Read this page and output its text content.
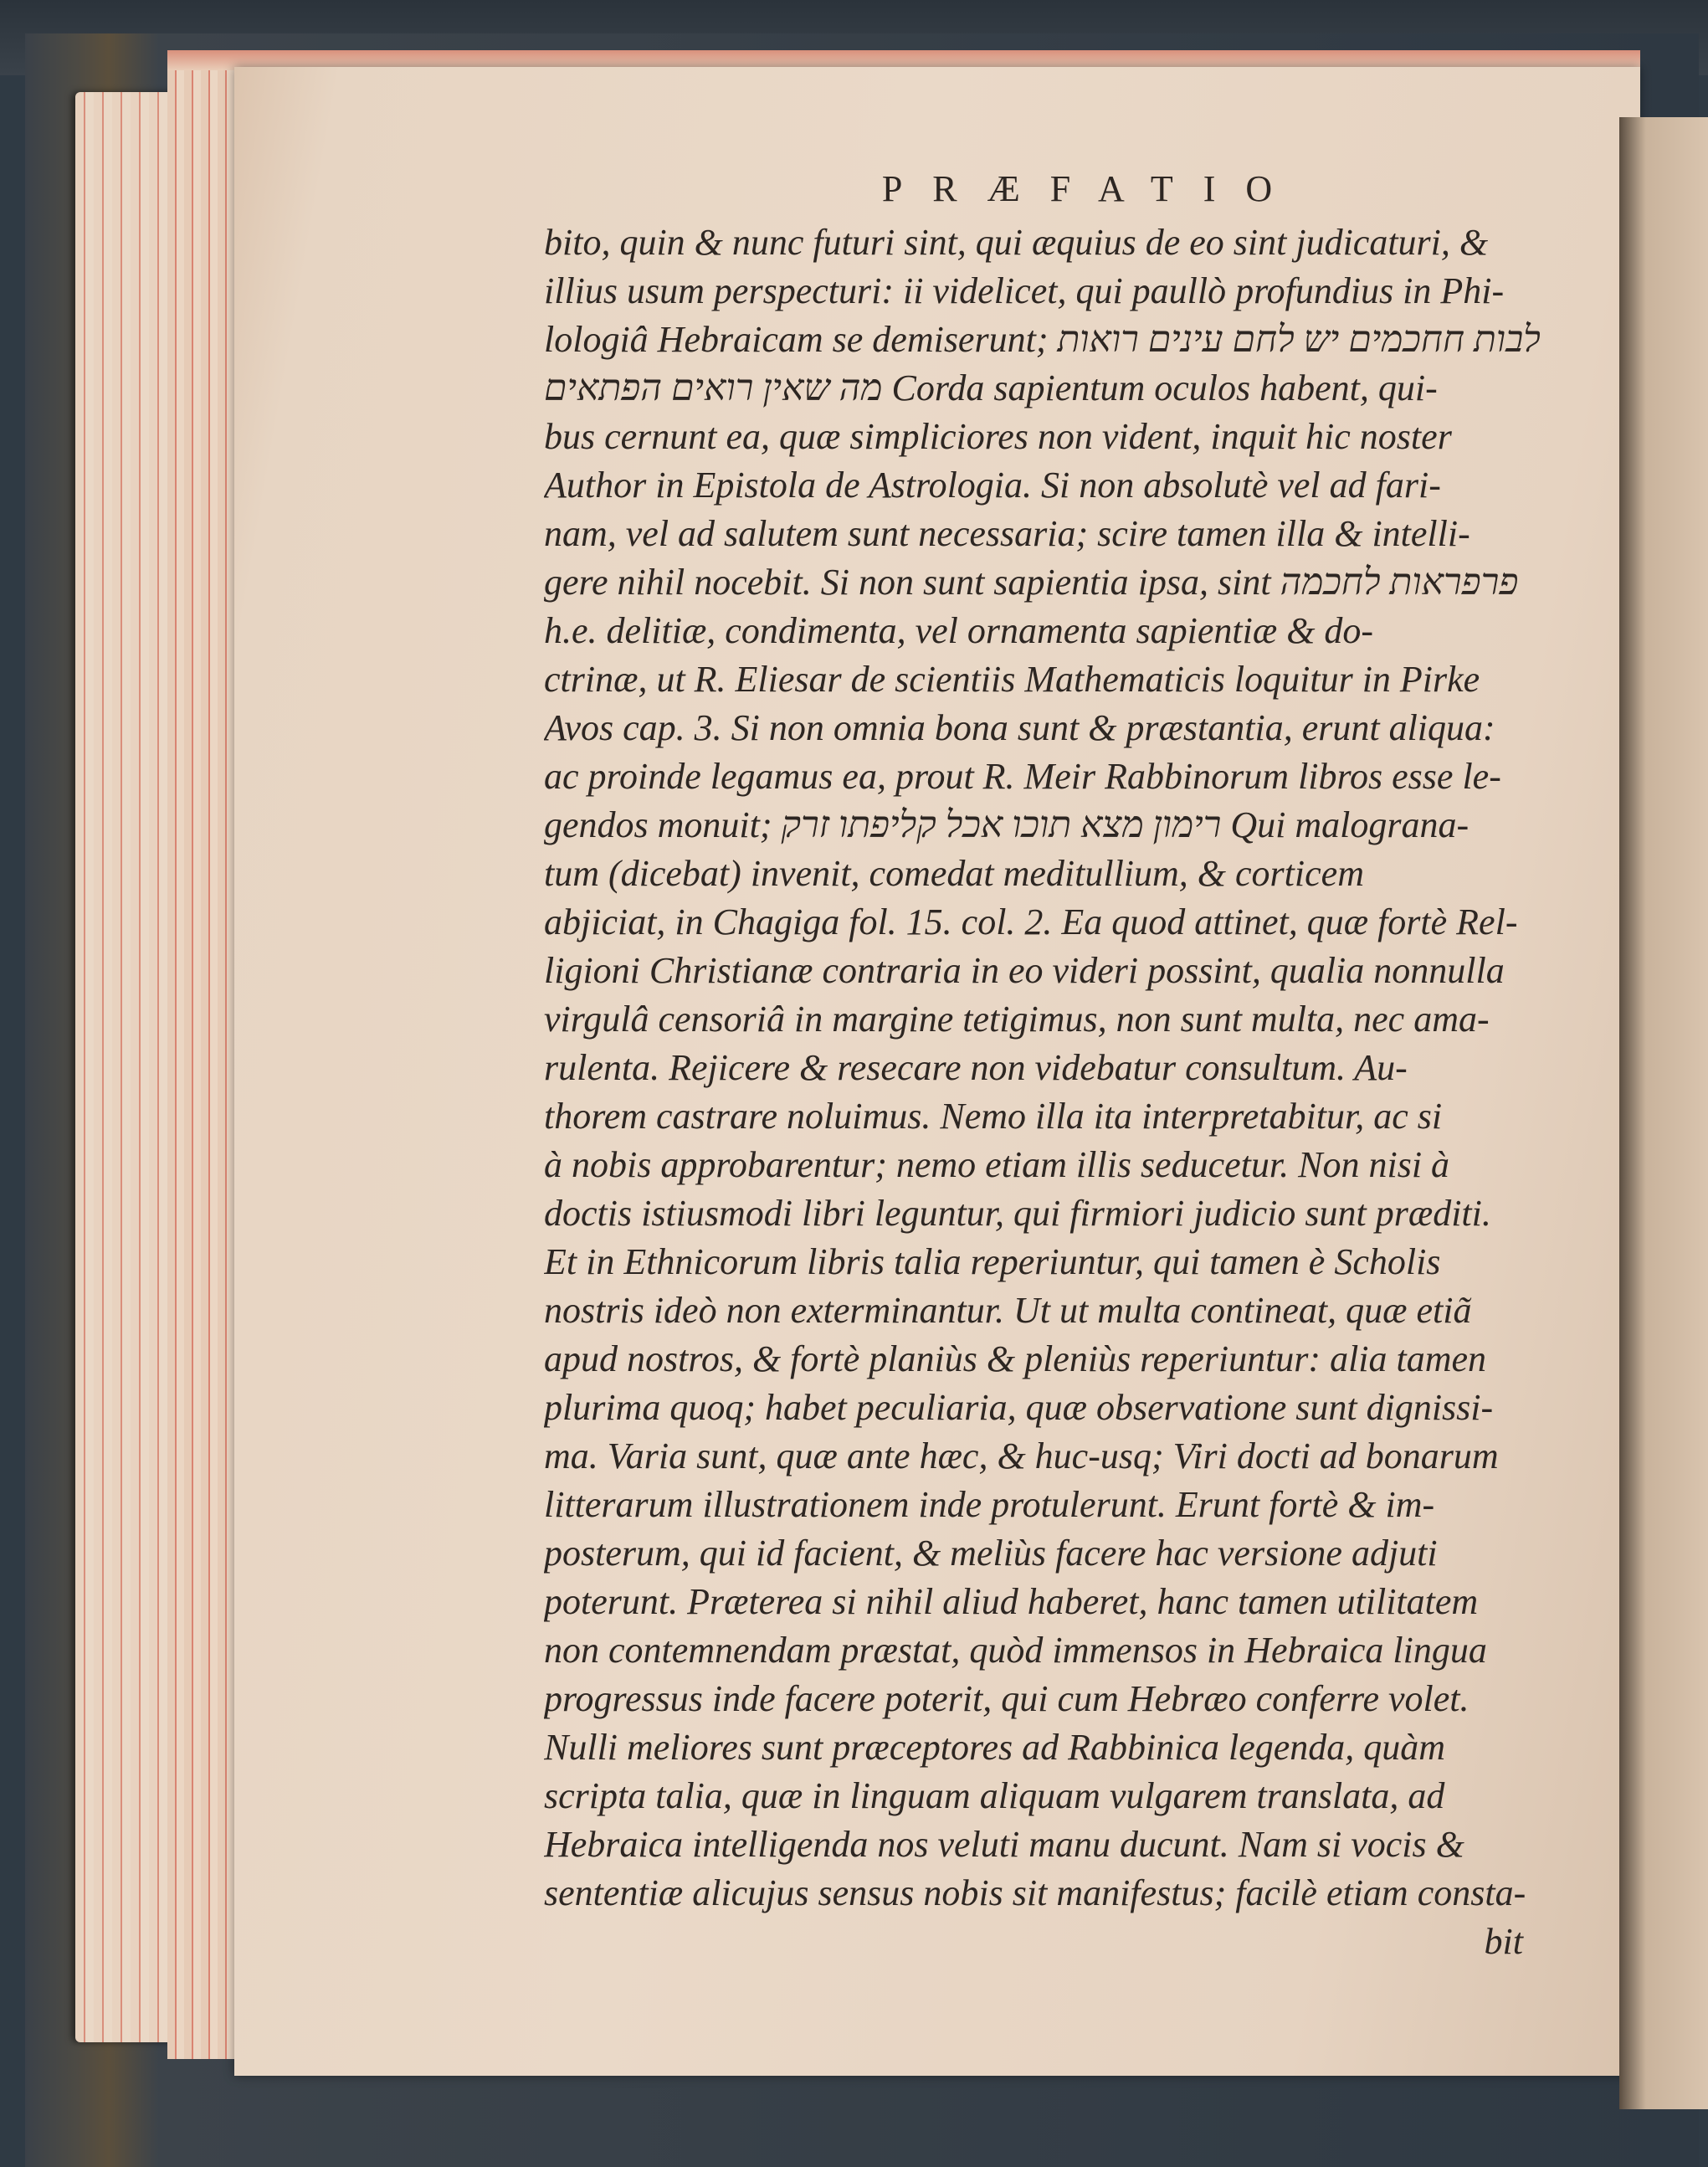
PRÆFATIO

bito, quin & nunc futuri sint, qui æquius de eo sint judicaturi, &

illius usum perspecturi: ii videlicet, qui paullò profundius in Phi-

lologiâ Hebraicam se demiserunt; לבות חחכמים יש לחם עינים רואות

מה שאין רואים הפתאים Corda sapientum oculos habent, qui-

bus cernunt ea, quæ simpliciores non vident, inquit hic noster

Author in Epistola de Astrologia. Si non absolutè vel ad fari-

nam, vel ad salutem sunt necessaria; scire tamen illa & intelli-

gere nihil nocebit. Si non sunt sapientia ipsa, sint פרפראות לחכמה

h.e. delitiæ, condimenta, vel ornamenta sapientiæ & do-

ctrinæ, ut R. Eliesar de scientiis Mathematicis loquitur in Pirke

Avos cap. 3. Si non omnia bona sunt & præstantia, erunt aliqua:

ac proinde legamus ea, prout R. Meir Rabbinorum libros esse le-

gendos monuit; רימון מצא תוכו אכל קליפתו זרק Qui malograna-

tum (dicebat) invenit, comedat meditullium, & corticem

abjiciat, in Chagiga fol. 15. col. 2. Ea quod attinet, quæ fortè Rel-

ligioni Christianæ contraria in eo videri possint, qualia nonnulla

virgulâ censoriâ in margine tetigimus, non sunt multa, nec ama-

rulenta. Rejicere & resecare non videbatur consultum. Au-

thorem castrare noluimus. Nemo illa ita interpretabitur, ac si

à nobis approbarentur; nemo etiam illis seducetur. Non nisi à

doctis istiusmodi libri leguntur, qui firmiori judicio sunt præditi.

Et in Ethnicorum libris talia reperiuntur, qui tamen è Scholis

nostris ideò non exterminantur. Ut ut multa contineat, quæ etiã

apud nostros, & fortè planiùs & pleniùs reperiuntur: alia tamen

plurima quoq; habet peculiaria, quæ observatione sunt dignissi-

ma. Varia sunt, quæ ante hæc, & huc-usq; Viri docti ad bonarum

litterarum illustrationem inde protulerunt. Erunt fortè & im-

posterum, qui id facient, & meliùs facere hac versione adjuti

poterunt. Præterea si nihil aliud haberet, hanc tamen utilitatem

non contemnendam præstat, quòd immensos in Hebraica lingua

progressus inde facere poterit, qui cum Hebræo conferre volet.

Nulli meliores sunt præceptores ad Rabbinica legenda, quàm

scripta talia, quæ in linguam aliquam vulgarem translata, ad

Hebraica intelligenda nos veluti manu ducunt. Nam si vocis &

sententiæ alicujus sensus nobis sit manifestus; facilè etiam consta-

bit
